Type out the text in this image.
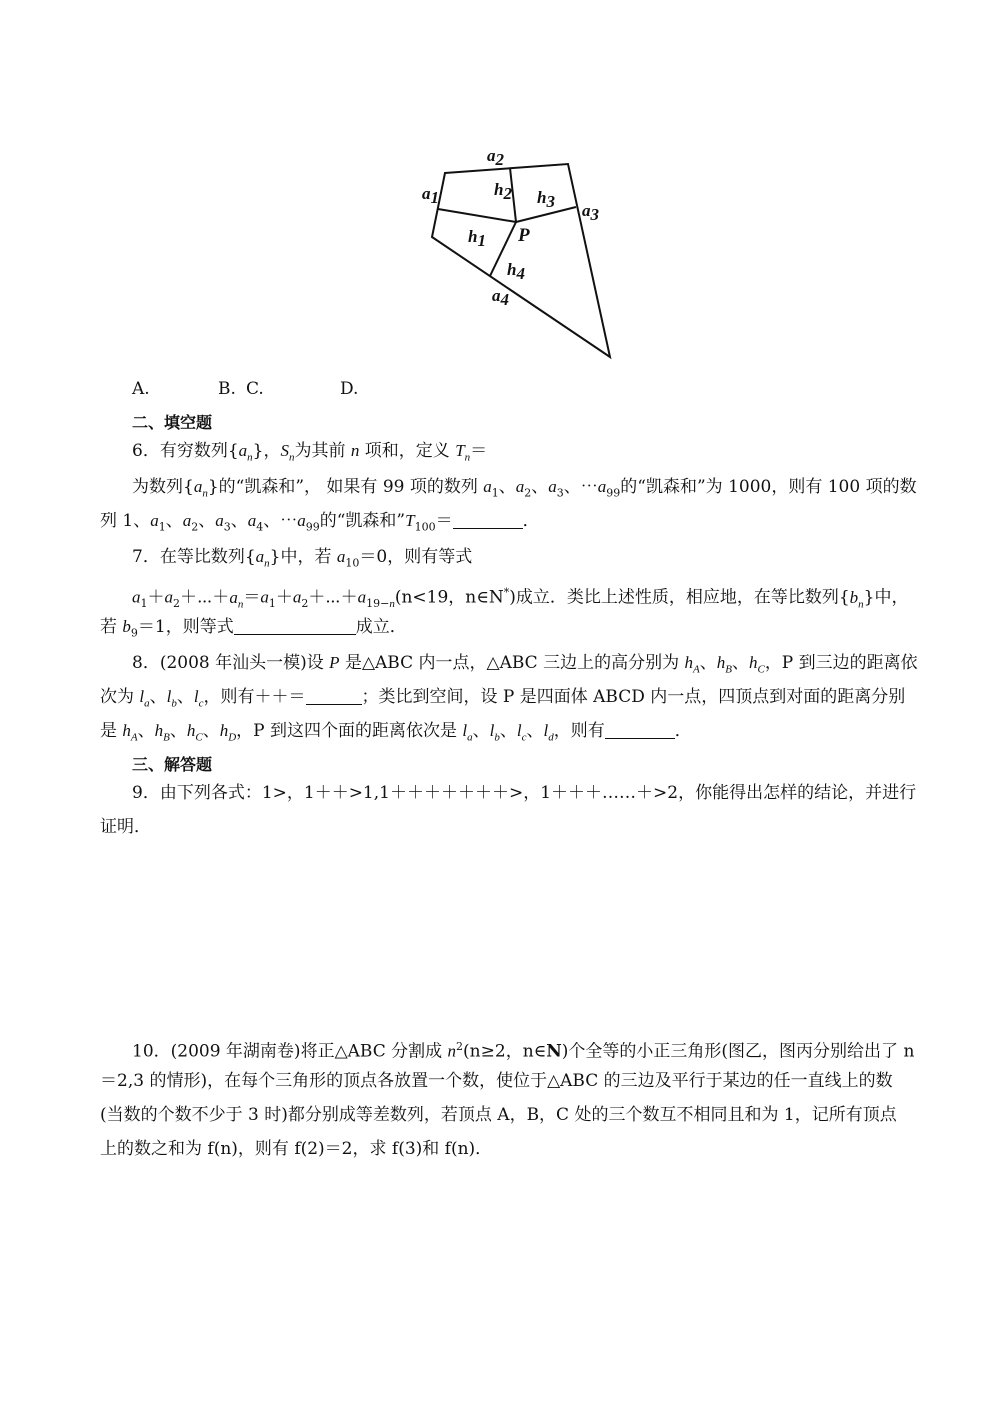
a2
a1	h2 h3 a3
h1 P
h4
a4
A.	B. C.	D.
二、填空题
6．有穷数列$\{a_n\}$，$S_n$为其前 n 项和，定义 $T_n=$
为数列$\{a_n\}$的“凯森和”， 如果有 99 项的数列 $a_1$、$a_2$、$a_3$、$\cdots a_{99}$的“凯森和”为 1000，则有 100 项的数
列 1、$a_1$、$a_2$、$a_3$、$a_4$、$\cdots a_{99}$的“凯森和$”T_{100}=$	．
7．在等比数列$\{a_n\}$中，若 $a_{10}=0$，则有等式
$a_1+a_2+\cdots+a_n=a_1+a_2+\cdots+a_{19-n}(n<19$，n∈N*)成立．类比上述性质，相应地，在等比数列$\{b_n\}$中，
若 $b_9=1$，则等式	成立．
8．(2008 年汕头一模)设 P 是△ABC 内一点，△ABC 三边上的高分别为 $h_A$、$h_B$、$h_C$，P 到三边的距离依
次为 $l_a$、$l_b$、$l_c$，则有＋＋＝	；类比到空间，设 P 是四面体 ABCD 内一点，四顶点到对面的距离分别
是 $h_A$、$h_B$、$h_C$、$h_D$，P 到这四个面的距离依次是 $l_a$、$l_b$、$l_c$、$l_d$，则有	．
三、解答题
9．由下列各式：1>，1＋＋>1,1＋＋＋＋＋＋＋>，1＋＋＋……＋>2，你能得出怎样的结论，并进行
证明．
10．(2009 年湖南卷)将正△ABC 分割成 $n^2(n\ge 2$，n∈N)个全等的小正三角形(图乙，图丙分别给出了 n
＝2,3 的情形)，在每个三角形的顶点各放置一个数，使位于△ABC 的三边及平行于某边的任一直线上的数
(当数的个数不少于 3 时)都分别成等差数列，若顶点 A，B，C 处的三个数互不相同且和为 1，记所有顶点
上的数之和为 f(n)，则有 f(2)＝2，求 f(3)和 f(n)．
